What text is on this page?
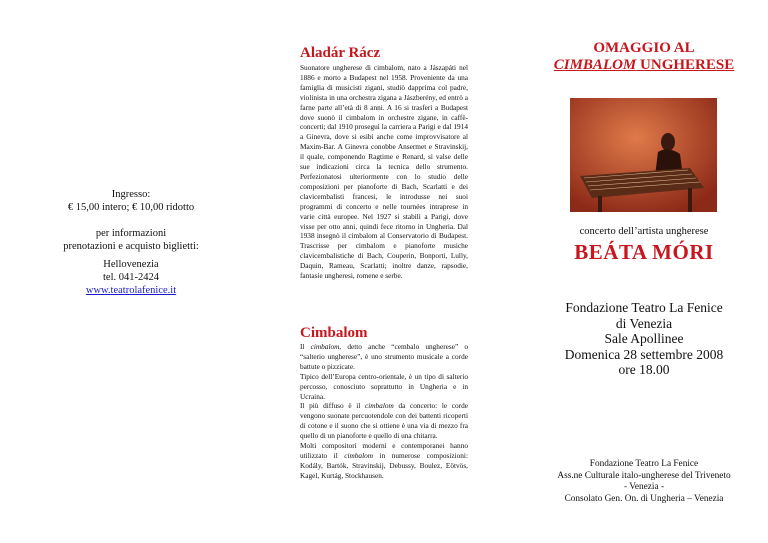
Ingresso:

€ 15,00 intero; € 10,00 ridotto

per informazioni

prenotazioni e acquisto biglietti:

Hellovenezia

tel. 041-2424

www.teatrolafenice.it

Aladár Rácz

Suonatore ungherese di cimbalom, nato a Jászapáti nel 1886 e morto a Budapest nel 1958. Proveniente da una famiglia di musicisti zigani, studiò dapprima col padre, violinista in una orchestra zigana a Jászberény, ed entrò a farne parte all’età di 8 anni. A 16 si trasferì a Budapest dove suonò il cimbalom in orchestre zigane, in caffè-concerti; dal 1910 proseguì la carriera a Parigi e dal 1914 a Ginevra, dove si esibì anche come improvvisatore al Maxim-Bar. A Ginevra conobbe Ansermet e Stravinskij, il quale, componendo Ragtime e Renard, si valse delle sue indicazioni circa la tecnica dello strumento. Perfezionatosi ulteriormente con lo studio delle composizioni per pianoforte di Bach, Scarlatti e dei clavicembalisti francesi, le introdusse nei suoi programmi di concerto e nelle tournées intraprese in varie città europee. Nel 1927 si stabilì a Parigi, dove visse per otto anni, quindi fece ritorno in Ungheria. Dal 1938 insegnò il cimbalom al Conservatorio di Budapest. Trascrisse per cimbalom e pianoforte musiche clavicembalistiche di Bach, Couperin, Bonporti, Lully, Daquin, Rameau, Scarlatti; inoltre danze, rapsodie, fantasie ungheresi, romene e serbe.

Cimbalom

Il cimbalom, detto anche “cembalo ungherese” o “salterio ungherese”, è uno strumento musicale a corde battute o pizzicate.

Tipico dell’Europa centro-orientale, è un tipo di salterio percosso, conosciuto soprattutto in Ungheria e in Ucraina.

Il più diffuso è il cimbalom da concerto: le corde vengono suonate percuotendole con dei battenti ricoperti di cotone e il suono che si ottiene è una via di mezzo fra quello di un pianoforte e quello di una chitarra.

Molti compositori moderni e contemporanei hanno utilizzato il cimbalom in numerose composizioni: Kodály, Bartók, Stravinskij, Debussy, Boulez, Eötvös, Kagel, Kurtág, Stockhausen.

OMAGGIO AL
CIMBALOM UNGHERESE
concerto dell’artista ungherese
BEÁTA MÓRI
Fondazione Teatro La Fenice
di Venezia
Sale Apollinee
Domenica 28 settembre 2008
ore 18.00
Fondazione Teatro La Fenice
Ass.ne Culturale italo-ungherese del Triveneto
- Venezia -
Consolato Gen. On. di Ungheria – Venezia
